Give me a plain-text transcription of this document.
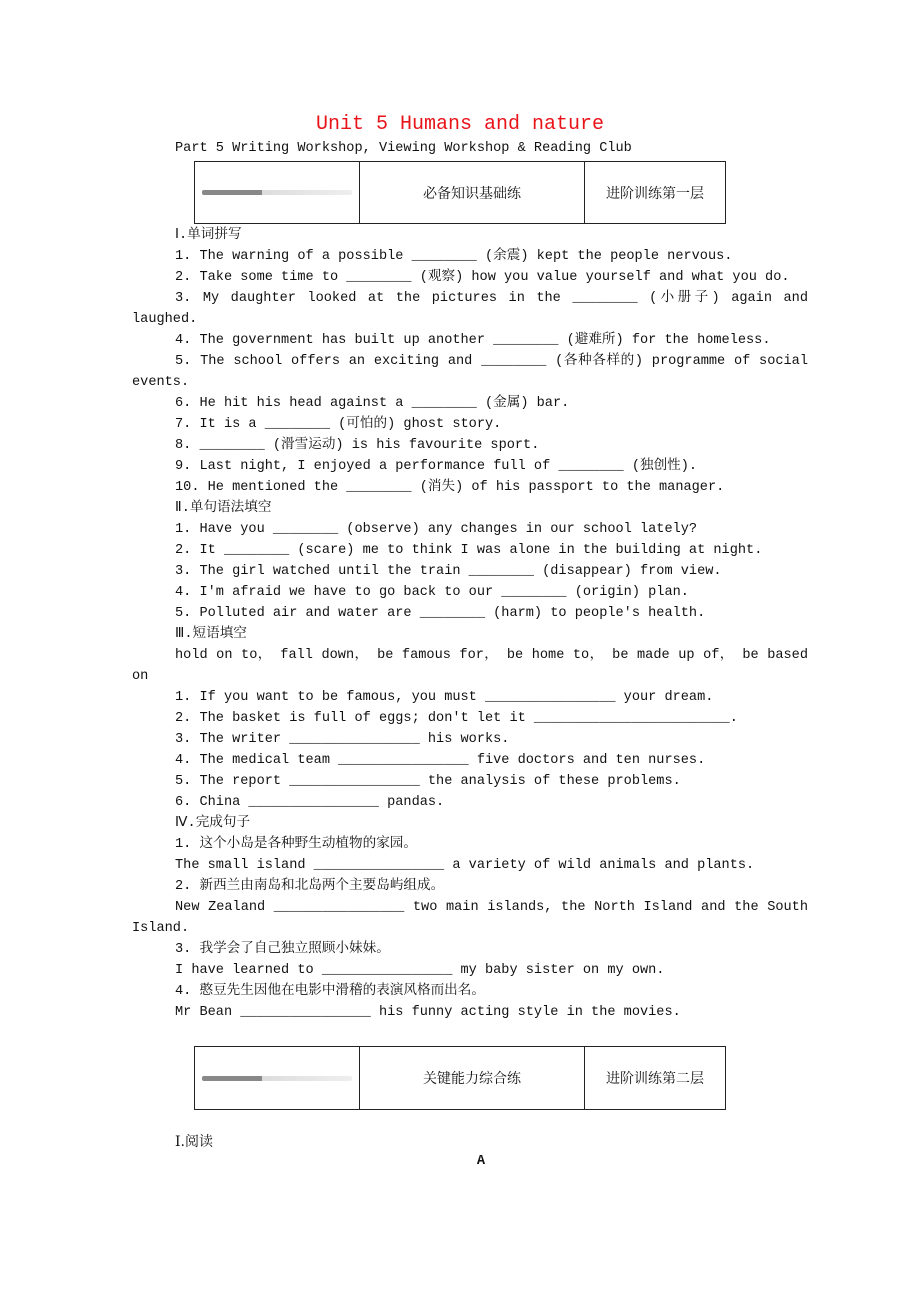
Unit 5 Humans and nature
Part 5 Writing Workshop, Viewing Workshop & Reading Club
必备知识基础练	进阶训练第一层

Ⅰ.单词拼写

1. The warning of a possible ________ (余震) kept the people nervous.

2. Take some time to ________ (观察) how you value yourself and what you do.

3. My daughter looked at the pictures in the ________ (小册子) again and laughed.

4. The government has built up another ________ (避难所) for the homeless.

5. The school offers an exciting and ________ (各种各样的) programme of social events.

6. He hit his head against a ________ (金属) bar.

7. It is a ________ (可怕的) ghost story.

8. ________ (滑雪运动) is his favourite sport.

9. Last night, I enjoyed a performance full of ________ (独创性).

10. He mentioned the ________ (消失) of his passport to the manager.

Ⅱ.单句语法填空

1. Have you ________ (observe) any changes in our school lately?

2. It ________ (scare) me to think I was alone in the building at night.

3. The girl watched until the train ________ (disappear) from view.

4. I'm afraid we have to go back to our ________ (origin) plan.

5. Polluted air and water are ________ (harm) to people's health.

Ⅲ.短语填空

hold on to， fall down， be famous for， be home to， be made up of， be based on

1. If you want to be famous, you must ________________ your dream.

2. The basket is full of eggs; don't let it ________________________.

3. The writer ________________ his works.

4. The medical team ________________ five doctors and ten nurses.

5. The report ________________ the analysis of these problems.

6. China ________________ pandas.

Ⅳ.完成句子

1. 这个小岛是各种野生动植物的家园。

The small island ________________ a variety of wild animals and plants.

2. 新西兰由南岛和北岛两个主要岛屿组成。

New Zealand ________________ two main islands, the North Island and the South Island.

3. 我学会了自己独立照顾小妹妹。

I have learned to ________________ my baby sister on my own.

4. 憨豆先生因他在电影中滑稽的表演风格而出名。

Mr Bean ________________ his funny acting style in the movies.

关键能力综合练	进阶训练第二层
Ⅰ.阅读
A
